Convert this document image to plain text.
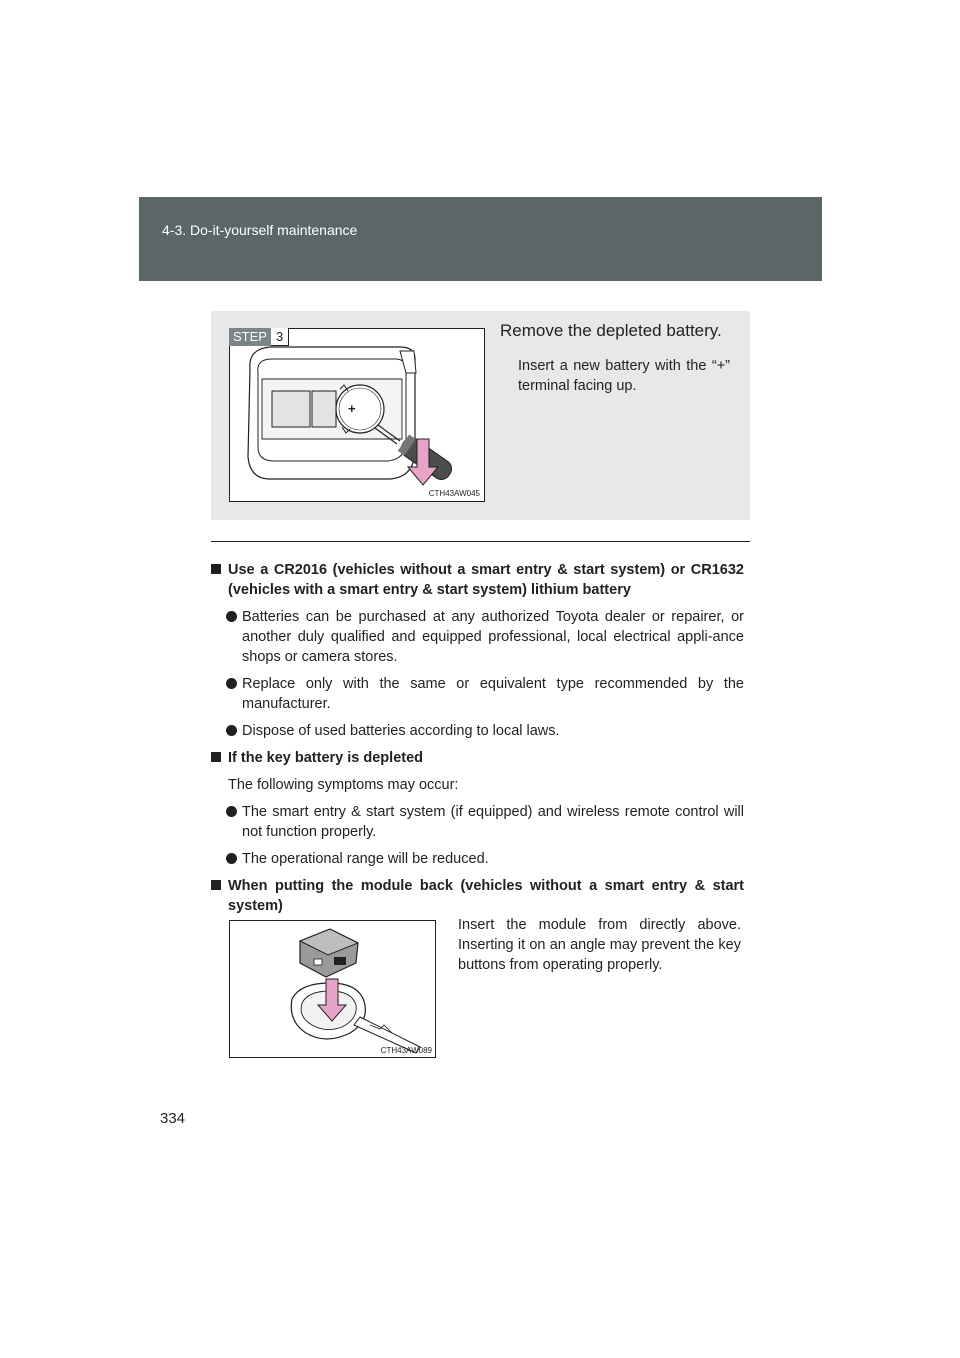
4-3. Do-it-yourself maintenance
+
CTH43AW045
STEP 3	Remove the depleted battery.
Insert a new battery with the “+” terminal facing up.
Use a CR2016 (vehicles without a smart entry & start system) or CR1632 (vehicles with a smart entry & start system) lithium battery
Batteries can be purchased at any authorized Toyota dealer or repairer, or another duly qualified and equipped professional, local electrical appli-ance shops or camera stores.
Replace only with the same or equivalent type recommended by the manufacturer.
Dispose of used batteries according to local laws.
If the key battery is depleted
The following symptoms may occur:
The smart entry & start system (if equipped) and wireless remote control will not function properly.
The operational range will be reduced.
When putting the module back (vehicles without a smart entry & start system)
CTH43AW089
Insert the module from directly above. Inserting it on an angle may prevent the key buttons from operating properly.
334
